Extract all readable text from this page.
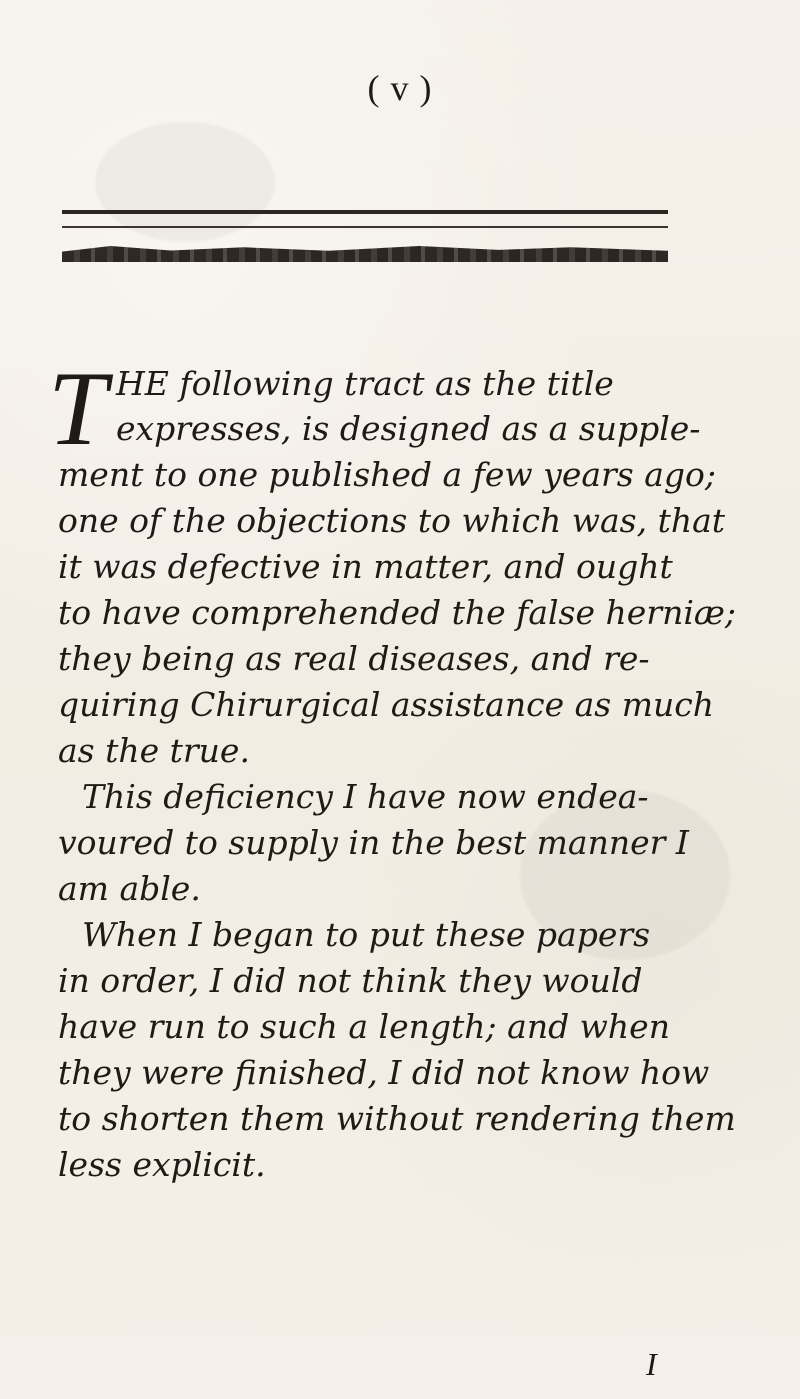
( v )
T HE following tract as the title
expresses, is designed as a supple-
ment to one published a few years ago;
one of the objections to which was, that
it was defective in matter, and ought
to have comprehended the false herniæ;
they being as real diseases, and re-
quiring Chirurgical assistance as much
as the true.
This deficiency I have now endea-
voured to supply in the best manner I
am able.
When I began to put these papers
in order, I did not think they would
have run to such a length; and when
they were finished, I did not know how
to shorten them without rendering them
less explicit.
I
